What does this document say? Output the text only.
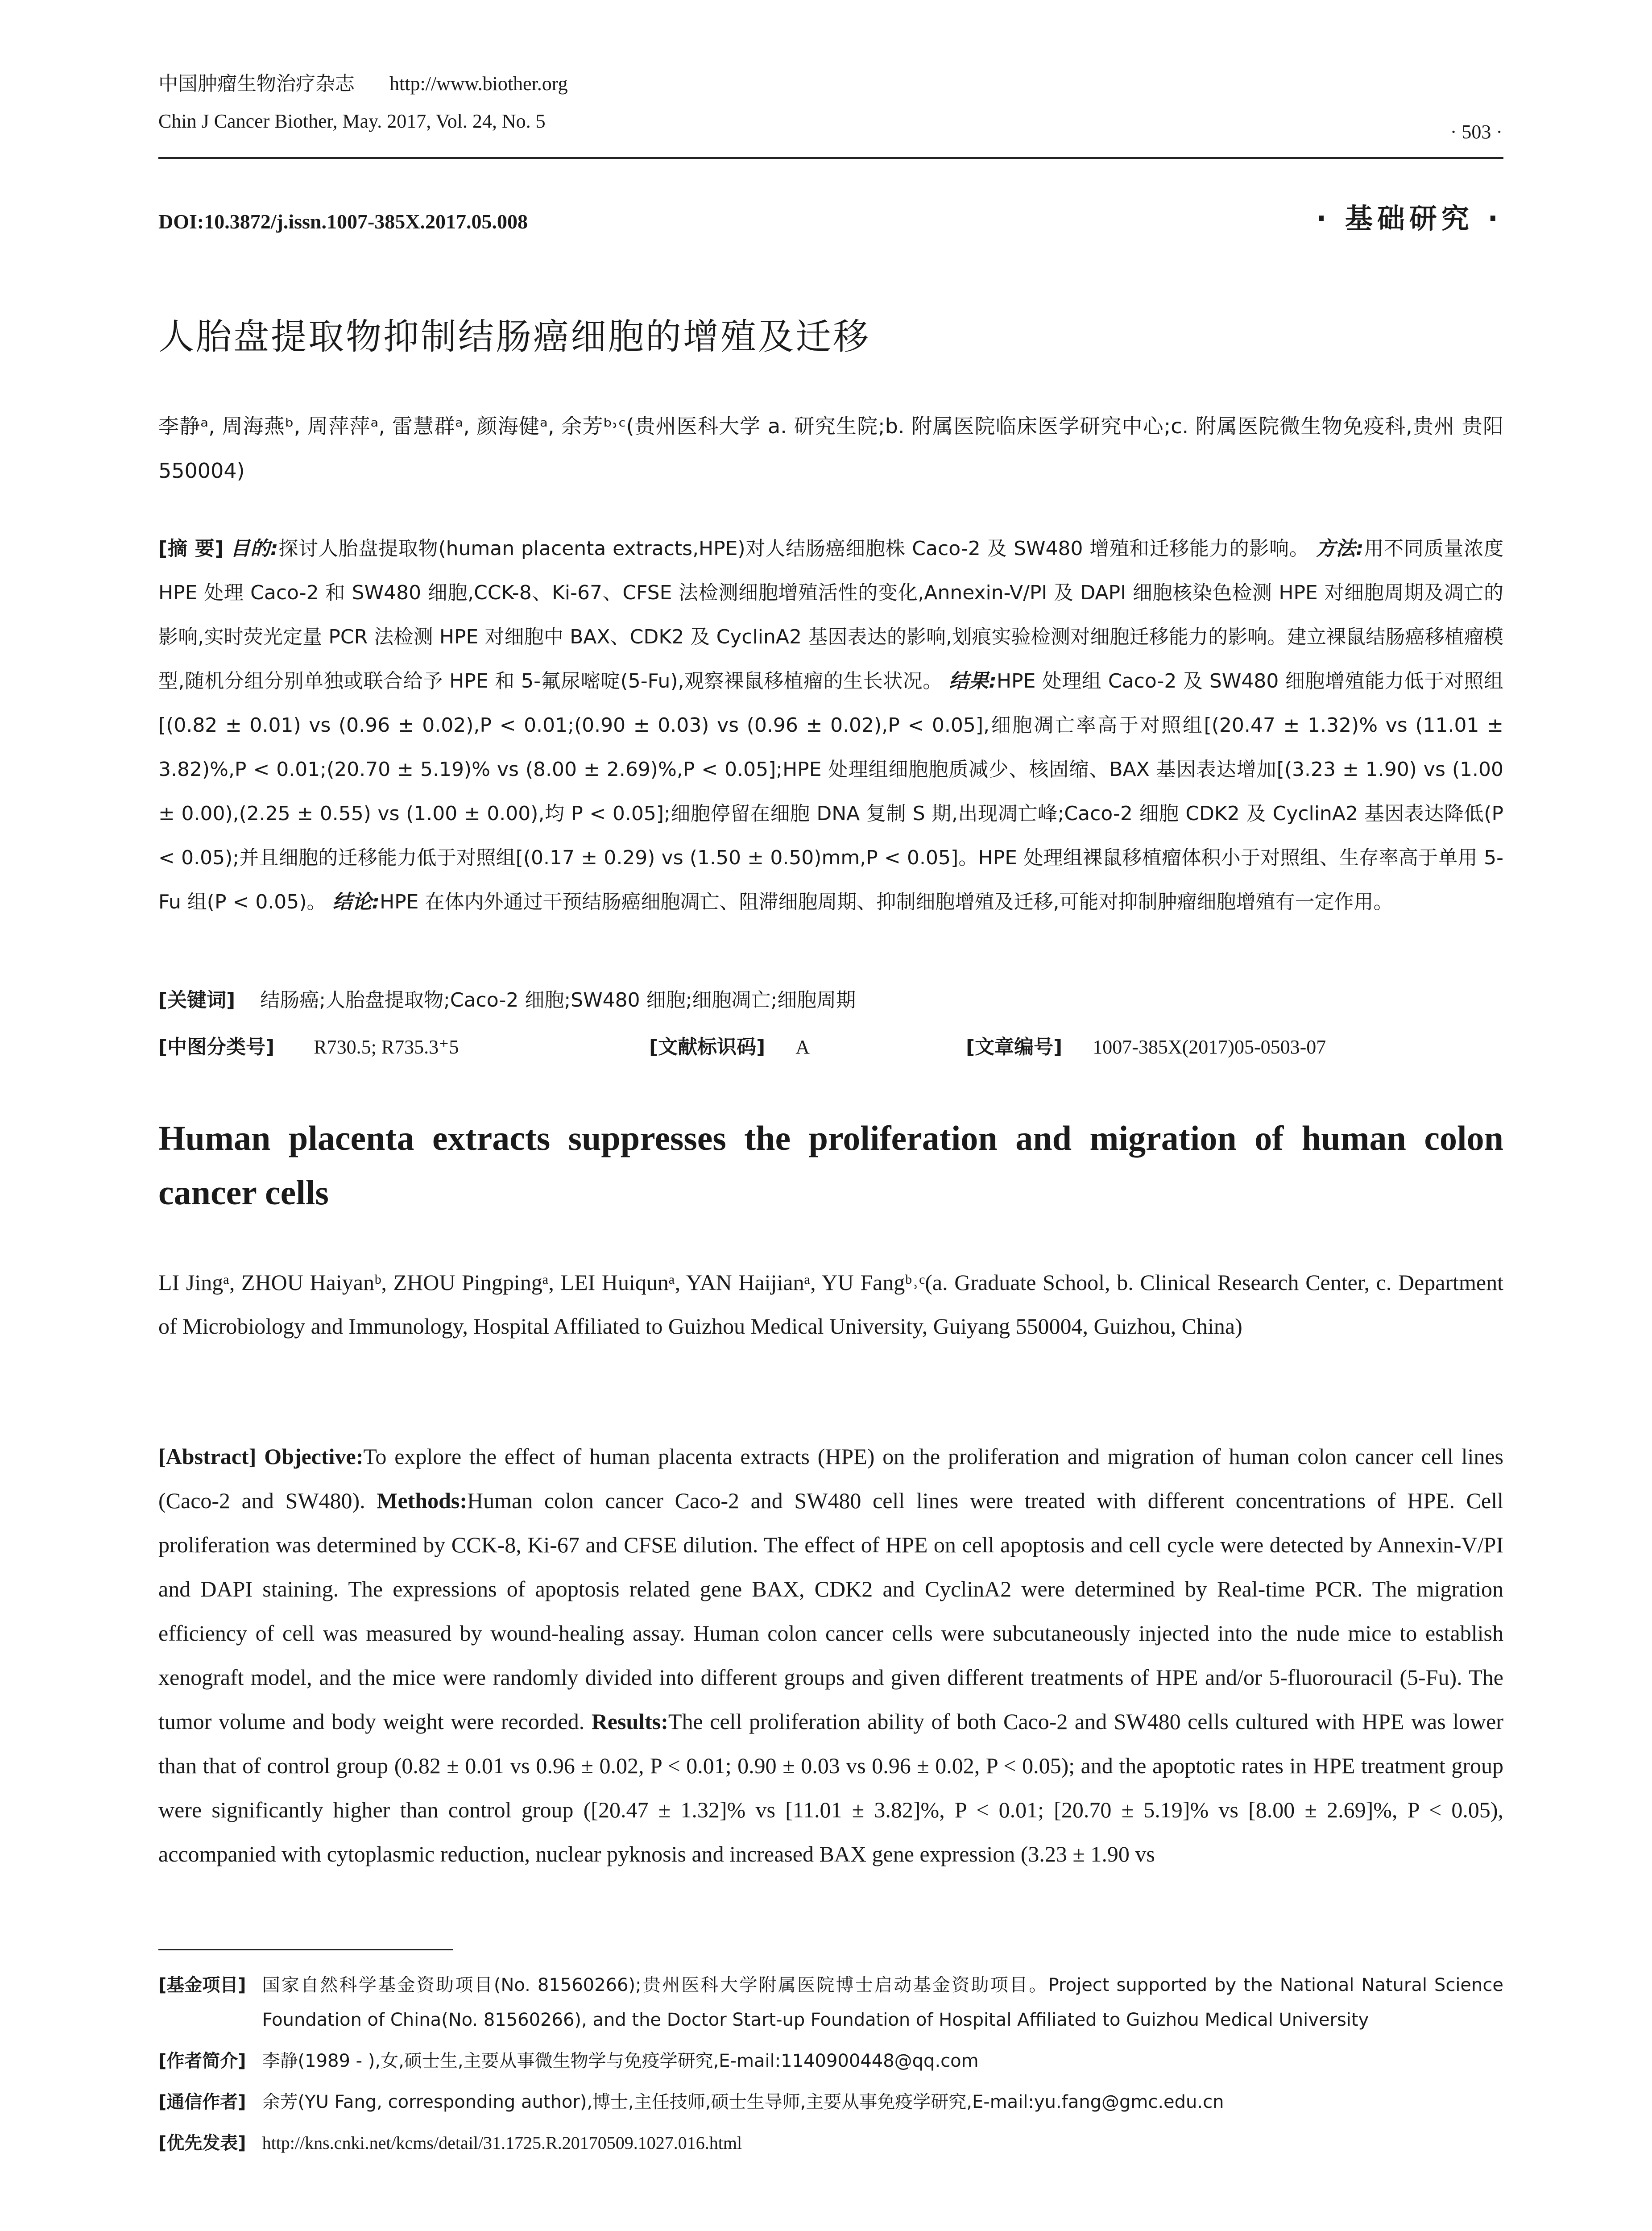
中国肿瘤生物治疗杂志 http://www.biother.org
Chin J Cancer Biother, May. 2017, Vol. 24, No. 5	· 503 ·
DOI:10.3872/j.issn.1007-385X.2017.05.008	· 基础研究 ·
人胎盘提取物抑制结肠癌细胞的增殖及迁移

李静ᵃ, 周海燕ᵇ, 周萍萍ᵃ, 雷慧群ᵃ, 颜海健ᵃ, 余芳ᵇ˒ᶜ(贵州医科大学 a. 研究生院;b. 附属医院临床医学研究中心;c. 附属医院微生物免疫科,贵州 贵阳 550004)

[摘 要] 目的:探讨人胎盘提取物(human placenta extracts,HPE)对人结肠癌细胞株 Caco-2 及 SW480 增殖和迁移能力的影响。 方法:用不同质量浓度 HPE 处理 Caco-2 和 SW480 细胞,CCK-8、Ki-67、CFSE 法检测细胞增殖活性的变化,Annexin-V/PI 及 DAPI 细胞核染色检测 HPE 对细胞周期及凋亡的影响,实时荧光定量 PCR 法检测 HPE 对细胞中 BAX、CDK2 及 CyclinA2 基因表达的影响,划痕实验检测对细胞迁移能力的影响。建立裸鼠结肠癌移植瘤模型,随机分组分别单独或联合给予 HPE 和 5-氟尿嘧啶(5-Fu),观察裸鼠移植瘤的生长状况。 结果:HPE 处理组 Caco-2 及 SW480 细胞增殖能力低于对照组[(0.82 ± 0.01) vs (0.96 ± 0.02),P < 0.01;(0.90 ± 0.03) vs (0.96 ± 0.02),P < 0.05],细胞凋亡率高于对照组[(20.47 ± 1.32)% vs (11.01 ± 3.82)%,P < 0.01;(20.70 ± 5.19)% vs (8.00 ± 2.69)%,P < 0.05];HPE 处理组细胞胞质减少、核固缩、BAX 基因表达增加[(3.23 ± 1.90) vs (1.00 ± 0.00),(2.25 ± 0.55) vs (1.00 ± 0.00),均 P < 0.05];细胞停留在细胞 DNA 复制 S 期,出现凋亡峰;Caco-2 细胞 CDK2 及 CyclinA2 基因表达降低(P < 0.05);并且细胞的迁移能力低于对照组[(0.17 ± 0.29) vs (1.50 ± 0.50)mm,P < 0.05]。HPE 处理组裸鼠移植瘤体积小于对照组、生存率高于单用 5-Fu 组(P < 0.05)。 结论:HPE 在体内外通过干预结肠癌细胞凋亡、阻滞细胞周期、抑制细胞增殖及迁移,可能对抑制肿瘤细胞增殖有一定作用。
[关键词] 结肠癌;人胎盘提取物;Caco-2 细胞;SW480 细胞;细胞凋亡;细胞周期
[中图分类号] R730.5; R735.3⁺5	[文献标识码] A	[文章编号] 1007-385X(2017)05-0503-07
Human placenta extracts suppresses the proliferation and migration of human colon cancer cells

LI Jingᵃ, ZHOU Haiyanᵇ, ZHOU Pingpingᵃ, LEI Huiqunᵃ, YAN Haijianᵃ, YU Fangᵇ˒ᶜ(a. Graduate School, b. Clinical Research Center, c. Department of Microbiology and Immunology, Hospital Affiliated to Guizhou Medical University, Guiyang 550004, Guizhou, China)

[Abstract] Objective:To explore the effect of human placenta extracts (HPE) on the proliferation and migration of human colon cancer cell lines (Caco-2 and SW480). Methods:Human colon cancer Caco-2 and SW480 cell lines were treated with different concentrations of HPE. Cell proliferation was determined by CCK-8, Ki-67 and CFSE dilution. The effect of HPE on cell apoptosis and cell cycle were detected by Annexin-V/PI and DAPI staining. The expressions of apoptosis related gene BAX, CDK2 and CyclinA2 were determined by Real-time PCR. The migration efficiency of cell was measured by wound-healing assay. Human colon cancer cells were subcutaneously injected into the nude mice to establish xenograft model, and the mice were randomly divided into different groups and given different treatments of HPE and/or 5-fluorouracil (5-Fu). The tumor volume and body weight were recorded. Results:The cell proliferation ability of both Caco-2 and SW480 cells cultured with HPE was lower than that of control group (0.82 ± 0.01 vs 0.96 ± 0.02, P < 0.01; 0.90 ± 0.03 vs 0.96 ± 0.02, P < 0.05); and the apoptotic rates in HPE treatment group were significantly higher than control group ([20.47 ± 1.32]% vs [11.01 ± 3.82]%, P < 0.01; [20.70 ± 5.19]% vs [8.00 ± 2.69]%, P < 0.05), accompanied with cytoplasmic reduction, nuclear pyknosis and increased BAX gene expression (3.23 ± 1.90 vs
[基金项目] 国家自然科学基金资助项目(No. 81560266);贵州医科大学附属医院博士启动基金资助项目。Project supported by the National Natural Science Foundation of China(No. 81560266), and the Doctor Start-up Foundation of Hospital Affiliated to Guizhou Medical University
[作者简介] 李静(1989 - ),女,硕士生,主要从事微生物学与免疫学研究,E-mail:1140900448@qq.com
[通信作者] 余芳(YU Fang, corresponding author),博士,主任技师,硕士生导师,主要从事免疫学研究,E-mail:yu.fang@gmc.edu.cn
[优先发表] http://kns.cnki.net/kcms/detail/31.1725.R.20170509.1027.016.html
